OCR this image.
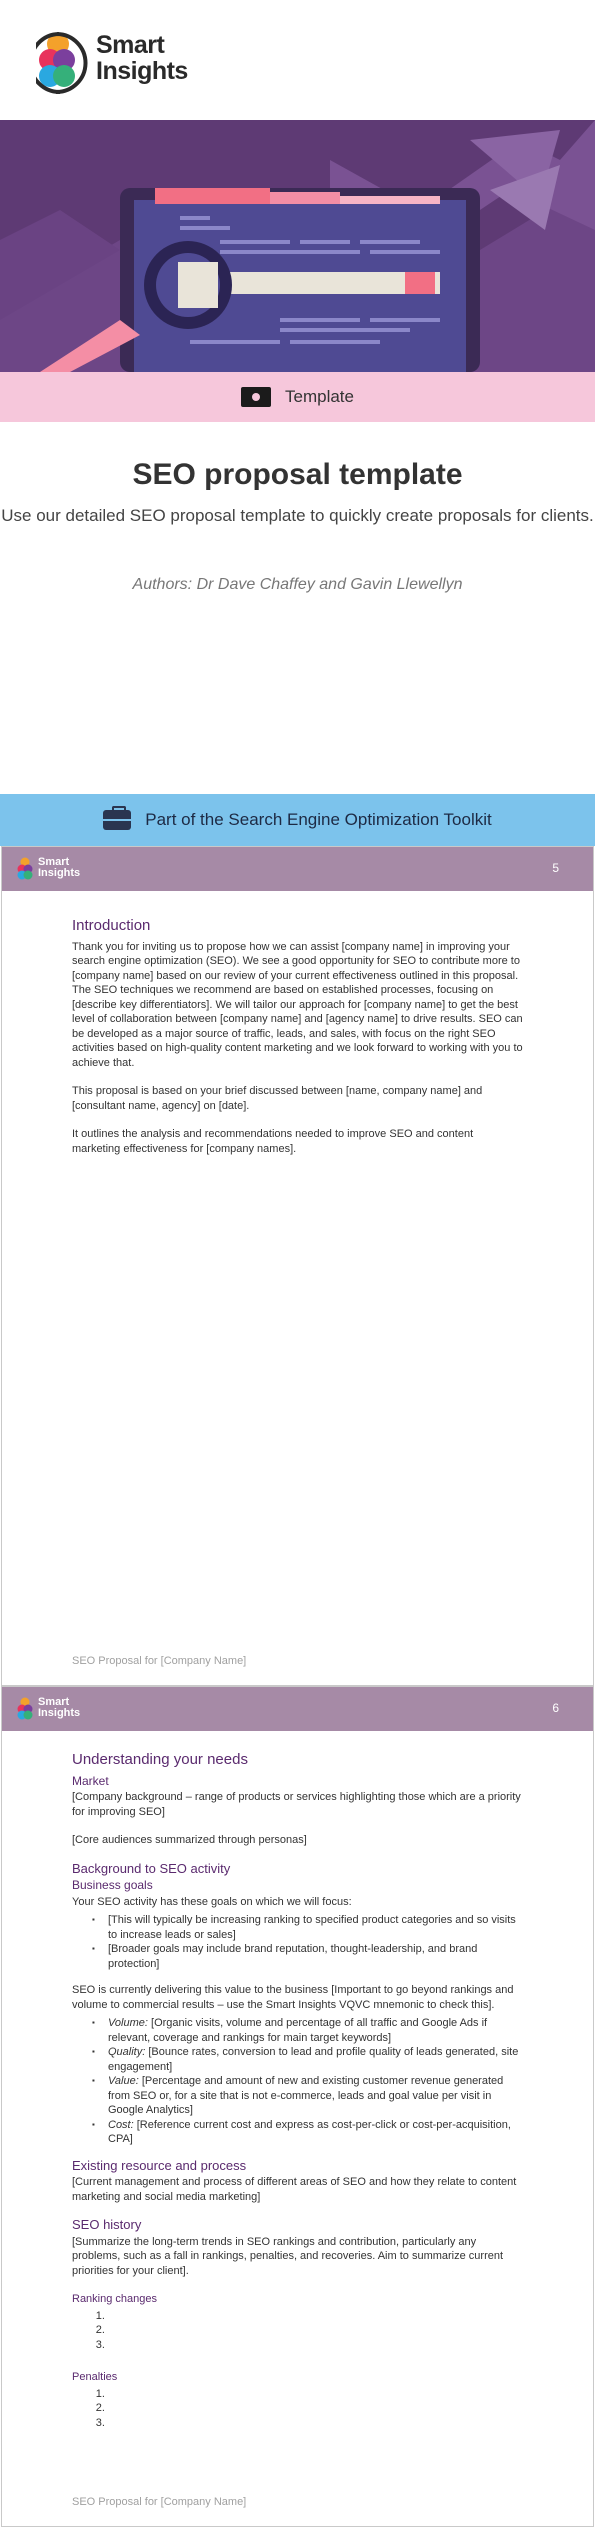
Smart
Insights
Template
SEO proposal template
Use our detailed SEO proposal template to quickly create proposals for clients.
Authors: Dr Dave Chaffey and Gavin Llewellyn
Part of the Search Engine Optimization Toolkit
Smart
Insights	5
Introduction

Thank you for inviting us to propose how we can assist [company name] in improving your search engine optimization (SEO). We see a good opportunity for SEO to contribute more to [company name] based on our review of your current effectiveness outlined in this proposal. The SEO techniques we recommend are based on established processes, focusing on [describe key differentiators]. We will tailor our approach for [company name] to get the best level of collaboration between [company name] and [agency name] to drive results. SEO can be developed as a major source of traffic, leads, and sales, with focus on the right SEO activities based on high-quality content marketing and we look forward to working with you to achieve that.

This proposal is based on your brief discussed between [name, company name] and [consultant name, agency] on [date].

It outlines the analysis and recommendations needed to improve SEO and content marketing effectiveness for [company names].

SEO Proposal for [Company Name]
Smart
Insights	6
Understanding your needs
Market

[Company background – range of products or services highlighting those which are a priority for improving SEO]

[Core audiences summarized through personas]

Background to SEO activity
Business goals

Your SEO activity has these goals on which we will focus:

▪ [This will typically be increasing ranking to specified product categories and so visits to increase leads or sales]
▪ [Broader goals may include brand reputation, thought-leadership, and brand protection]

SEO is currently delivering this value to the business [Important to go beyond rankings and volume to commercial results – use the Smart Insights VQVC mnemonic to check this].

▪ Volume: [Organic visits, volume and percentage of all traffic and Google Ads if relevant, coverage and rankings for main target keywords]
▪ Quality: [Bounce rates, conversion to lead and profile quality of leads generated, site engagement]
▪ Value: [Percentage and amount of new and existing customer revenue generated from SEO or, for a site that is not e-commerce, leads and goal value per visit in Google Analytics]
▪ Cost: [Reference current cost and express as cost-per-click or cost-per-acquisition, CPA]
Existing resource and process

[Current management and process of different areas of SEO and how they relate to content marketing and social media marketing]

SEO history

[Summarize the long-term trends in SEO rankings and contribution, particularly any problems, such as a fall in rankings, penalties, and recoveries. Aim to summarize current priorities for your client].

Ranking changes
1.
2.
3.
Penalties
1.
2.
3.
SEO Proposal for [Company Name]
